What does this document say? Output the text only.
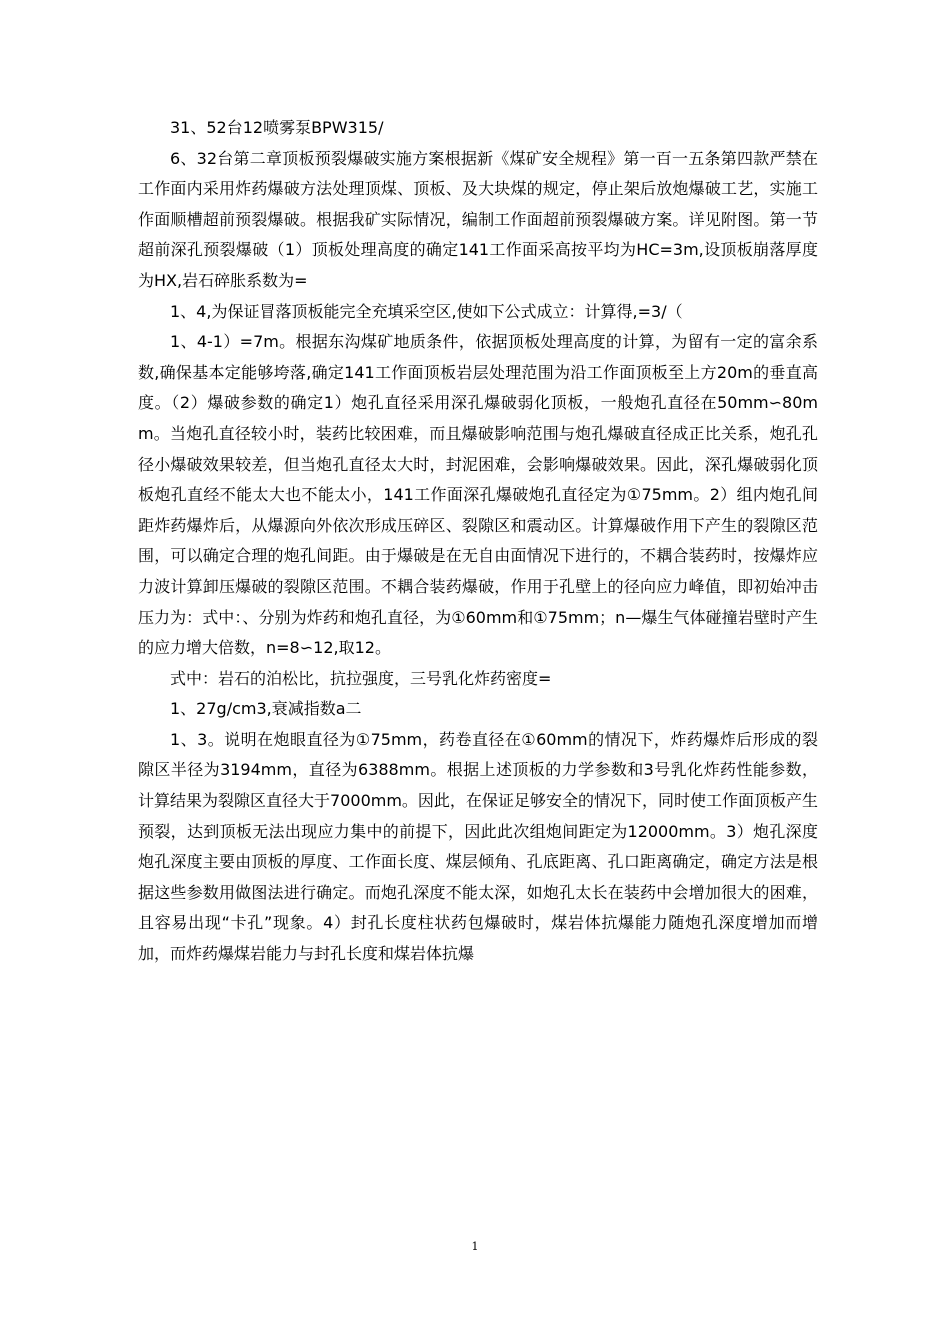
31、52台12喷雾泵BPW315/

6、32台第二章顶板预裂爆破实施方案根据新《煤矿安全规程》第一百一五条第四款严禁在工作面内采用炸药爆破方法处理顶煤、顶板、及大块煤的规定，停止架后放炮爆破工艺，实施工作面顺槽超前预裂爆破。根据我矿实际情况，编制工作面超前预裂爆破方案。详见附图。第一节超前深孔预裂爆破（1）顶板处理高度的确定141工作面采高按平均为HC=3m,设顶板崩落厚度为HX,岩石碎胀系数为=

1、4,为保证冒落顶板能完全充填采空区,使如下公式成立：计算得,=3/（

1、4-1）=7m。根据东沟煤矿地质条件，依据顶板处理高度的计算，为留有一定的富余系数,确保基本定能够垮落,确定141工作面顶板岩层处理范围为沿工作面顶板至上方20m的垂直高度。（2）爆破参数的确定1）炮孔直径采用深孔爆破弱化顶板，一般炮孔直径在50mm∽80mm。当炮孔直径较小时，装药比较困难，而且爆破影响范围与炮孔爆破直径成正比关系，炮孔孔径小爆破效果较差，但当炮孔直径太大时，封泥困难，会影响爆破效果。因此，深孔爆破弱化顶板炮孔直经不能太大也不能太小，141工作面深孔爆破炮孔直径定为①75mm。2）组内炮孔间距炸药爆炸后，从爆源向外依次形成压碎区、裂隙区和震动区。计算爆破作用下产生的裂隙区范围，可以确定合理的炮孔间距。由于爆破是在无自由面情况下进行的，不耦合装药时，按爆炸应力波计算卸压爆破的裂隙区范围。不耦合装药爆破，作用于孔壁上的径向应力峰值，即初始冲击压力为：式中：、分别为炸药和炮孔直径，为①60mm和①75mm；n—爆生气体碰撞岩壁时产生的应力增大倍数，n=8∽12,取12。

式中：岩石的泊松比，抗拉强度，三号乳化炸药密度=

1、27g/cm3,衰减指数a二

1、3。说明在炮眼直径为①75mm，药卷直径在①60mm的情况下，炸药爆炸后形成的裂隙区半径为3194mm，直径为6388mm。根据上述顶板的力学参数和3号乳化炸药性能参数，计算结果为裂隙区直径大于7000mm。因此，在保证足够安全的情况下，同时使工作面顶板产生预裂，达到顶板无法出现应力集中的前提下，因此此次组炮间距定为12000mm。3）炮孔深度炮孔深度主要由顶板的厚度、工作面长度、煤层倾角、孔底距离、孔口距离确定，确定方法是根据这些参数用做图法进行确定。而炮孔深度不能太深，如炮孔太长在装药中会增加很大的困难，且容易出现“卡孔”现象。4）封孔长度柱状药包爆破时，煤岩体抗爆能力随炮孔深度增加而增加，而炸药爆煤岩能力与封孔长度和煤岩体抗爆

1
